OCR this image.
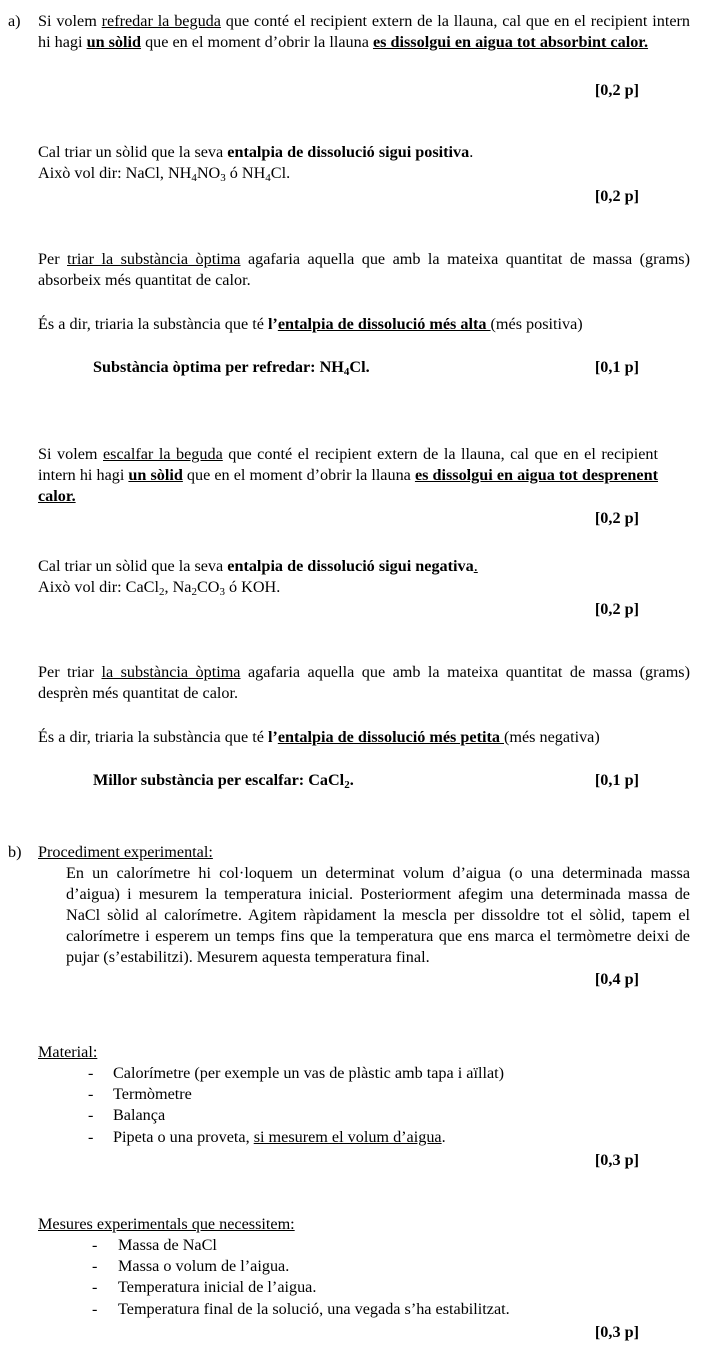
a) Si volem refredar la beguda que conté el recipient extern de la llauna, cal que en el recipient intern hi hagi un sòlid que en el moment d’obrir la llauna es dissolgui en aigua tot absorbint calor.
[0,2 p]
Cal triar un sòlid que la seva entalpia de dissolució sigui positiva.
Això vol dir: NaCl, $NH_4NO_3$ ó $NH_4Cl$.
[0,2 p]
Per triar la substància òptima agafaria aquella que amb la mateixa quantitat de massa (grams) absorbeix més quantitat de calor.
És a dir, triaria la substància que té l’entalpia de dissolució més alta (més positiva)
Substància òptima per refredar: $NH_4Cl$.	[0,1 p]
Si volem escalfar la beguda que conté el recipient extern de la llauna, cal que en el recipient intern hi hagi un sòlid que en el moment d’obrir la llauna es dissolgui en aigua tot desprenent calor.
[0,2 p]
Cal triar un sòlid que la seva entalpia de dissolució sigui negativa.
Això vol dir: CaCl$_2$, $Na_2CO_3$ ó KOH.
[0,2 p]
Per triar la substància òptima agafaria aquella que amb la mateixa quantitat de massa (grams) desprèn més quantitat de calor.
És a dir, triaria la substància que té l’entalpia de dissolució més petita (més negativa)
Millor substància per escalfar: CaCl$_2$.	[0,1 p]
b) Procediment experimental:
En un calorímetre hi col·loquem un determinat volum d’aigua (o una determinada massa d’aigua) i mesurem la temperatura inicial. Posteriorment afegim una determinada massa de NaCl sòlid al calorímetre. Agitem ràpidament la mescla per dissoldre tot el sòlid, tapem el calorímetre i esperem un temps fins que la temperatura que ens marca el termòmetre deixi de pujar (s’estabilitzi). Mesurem aquesta temperatura final.
[0,4 p]
Material:
- Calorímetre (per exemple un vas de plàstic amb tapa i aïllat)
- Termòmetre
- Balança
- Pipeta o una proveta, si mesurem el volum d’aigua.
[0,3 p]
Mesures experimentals que necessitem:
- Massa de NaCl
- Massa o volum de l’aigua.
- Temperatura inicial de l’aigua.
- Temperatura final de la solució, una vegada s’ha estabilitzat.
[0,3 p]
